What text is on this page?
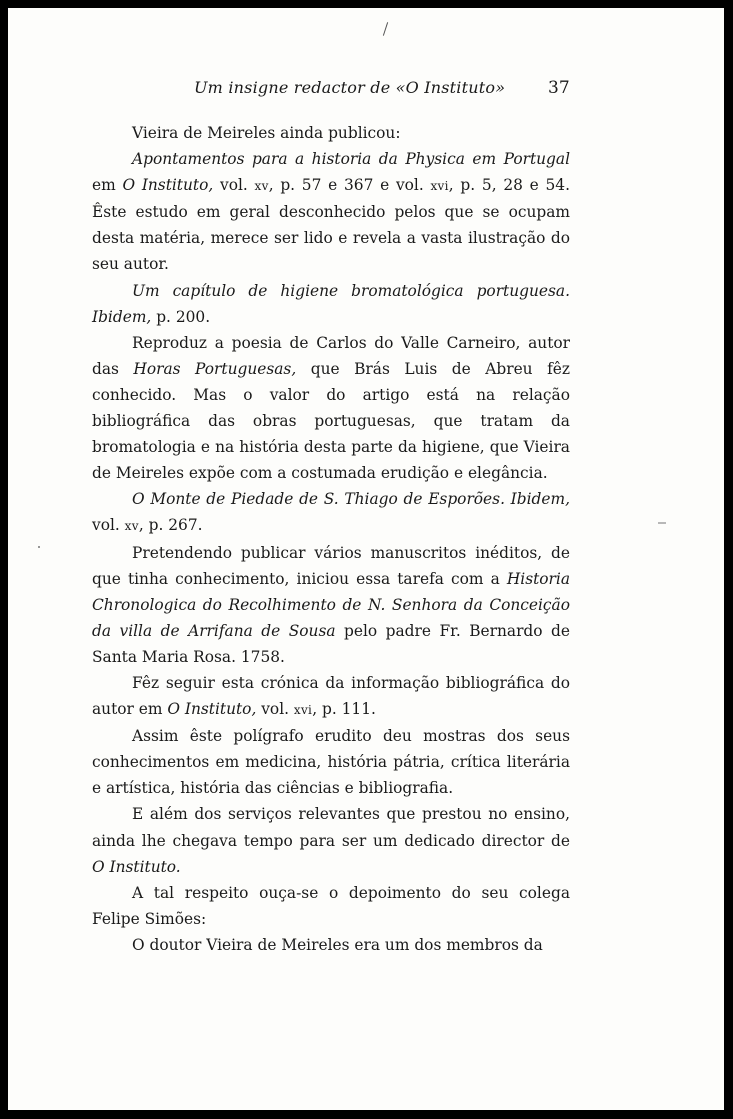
Um insigne redactor de «O Instituto»	37

Vieira de Meireles ainda publicou:

Apontamentos para a historia da Physica em Portugal em O Instituto, vol. xv, p. 57 e 367 e vol. xvi, p. 5, 28 e 54. Êste estudo em geral desconhecido pelos que se ocupam desta matéria, merece ser lido e revela a vasta ilustração do seu autor.

Um capítulo de higiene bromatológica portuguesa. Ibidem, p. 200.

Reproduz a poesia de Carlos do Valle Carneiro, autor das Horas Portuguesas, que Brás Luis de Abreu fêz conhecido. Mas o valor do artigo está na relação bibliográfica das obras portuguesas, que tratam da bromatologia e na história desta parte da higiene, que Vieira de Meireles expõe com a costumada erudição e elegância.

O Monte de Piedade de S. Thiago de Esporões. Ibidem, vol. xv, p. 267.

Pretendendo publicar vários manuscritos inéditos, de que tinha conhecimento, iniciou essa tarefa com a Historia Chronologica do Recolhimento de N. Senhora da Conceição da villa de Arrifana de Sousa pelo padre Fr. Bernardo de Santa Maria Rosa. 1758.

Fêz seguir esta crónica da informação bibliográfica do autor em O Instituto, vol. xvi, p. 111.

Assim êste polígrafo erudito deu mostras dos seus conhecimentos em medicina, história pátria, crítica literária e artística, história das ciências e bibliografia.

E além dos serviços relevantes que prestou no ensino, ainda lhe chegava tempo para ser um dedicado director de O Instituto.

A tal respeito ouça-se o depoimento do seu colega Felipe Simões:

O doutor Vieira de Meireles era um dos membros da
